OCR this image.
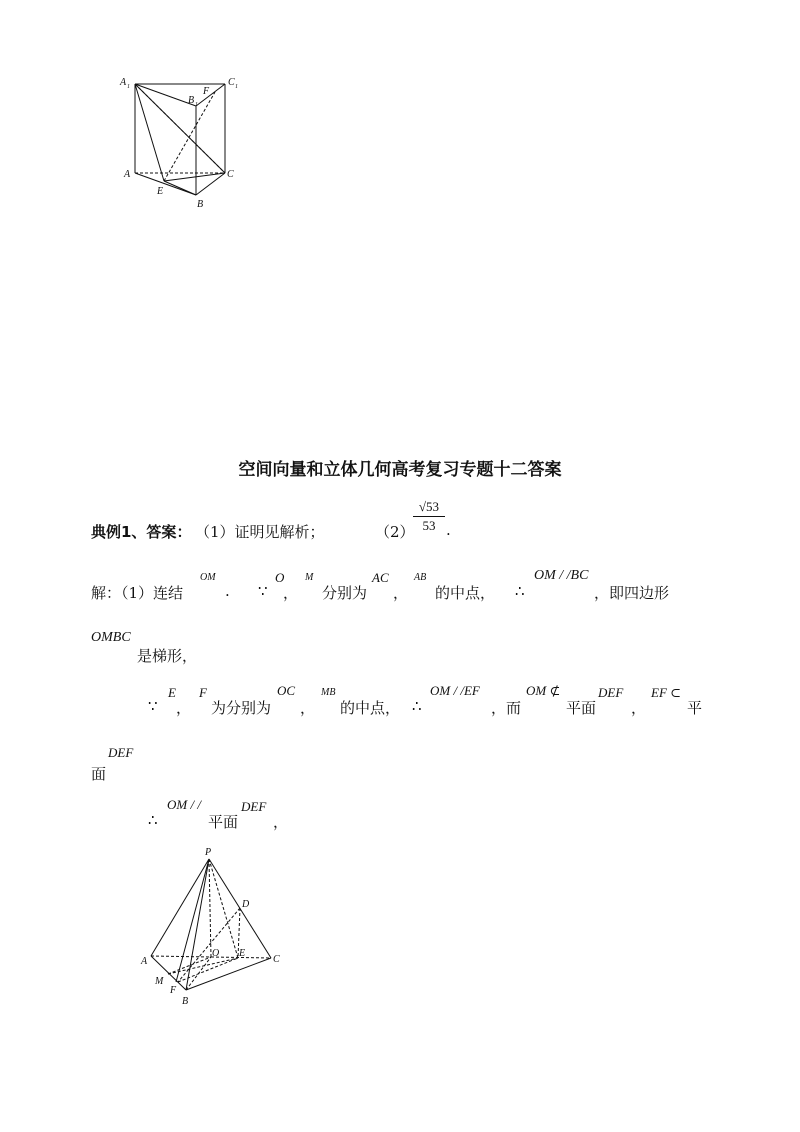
A 1	C 1
B 1
F
A	C
E
B
空间向量和立体几何高考复习专题十二答案
典例1、答案： （1）证明见解析；	（2）
$\frac{√53}{53}$ .
解：（1）连结
OM
. ∵
O
，
M
分别为
AC
，
AB
的中点， ∴
OM / /BC
，即四边形
OMBC
是梯形，
∵
E
，
F
为分别为
OC
，
MB
的中点， ∴
OM / /EF
，而
OM ⊄
平面
DEF
，
EF ⊂
平
面
DEF
∴
OM / /
平面
DEF
，
P
D
A	C
O E
M
F
B
